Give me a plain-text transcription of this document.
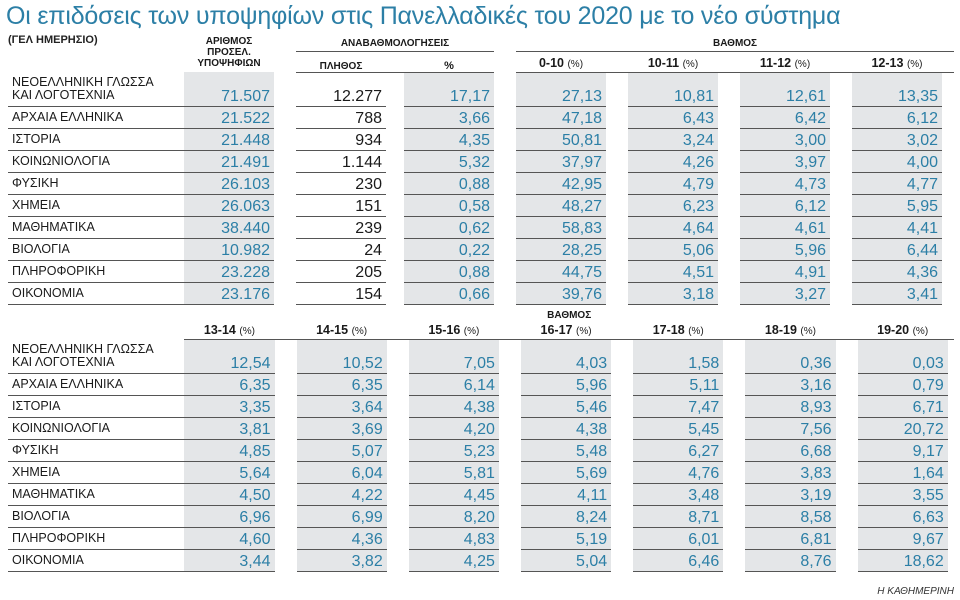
Οι επιδόσεις των υποψηφίων στις Πανελλαδικές του 2020 με το νέο σύστημα
(ΓΕΛ ΗΜΕΡΗΣΙΟ)
		ΑΡΙΘΜΟΣ ΠΡΟΣΕΛ. ΥΠΟΨΗΦΙΩΝ		ΑΝΑΒΑΘΜΟΛΟΓΗΣΕΙΣ				ΒΑΘΜΟΣ							
			ΠΛΗΘΟΣ		%		0-10 (%)		10-11 (%)		11-12 (%)		12-13 (%)	
ΝΕΟΕΛΛΗΝΙΚΗ ΓΛΩΣΣΑ ΚΑΙ ΛΟΓΟΤΕΧΝΙΑ	71.507		12.277		17,17		27,13		10,81		12,61		13,35	
ΑΡΧΑΙΑ ΕΛΛΗΝΙΚΑ	21.522		788		3,66		47,18		6,43		6,42		6,12	
ΙΣΤΟΡΙΑ	21.448		934		4,35		50,81		3,24		3,00		3,02	
ΚΟΙΝΩΝΙΟΛΟΓΙΑ	21.491		1.144		5,32		37,97		4,26		3,97		4,00	
ΦΥΣΙΚΗ	26.103		230		0,88		42,95		4,79		4,73		4,77	
ΧΗΜΕΙΑ	26.063		151		0,58		48,27		6,23		6,12		5,95	
ΜΑΘΗΜΑΤΙΚΑ	38.440		239		0,62		58,83		4,64		4,61		4,41	
ΒΙΟΛΟΓΙΑ	10.982		24		0,22		28,25		5,06		5,96		6,44	
ΠΛΗΡΟΦΟΡΙΚΗ	23.228		205		0,88		44,75		4,51		4,91		4,36	
ΟΙΚΟΝΟΜΙΑ	23.176		154		0,66		39,76		3,18		3,27		3,41	
	ΒΑΘΜΟΣ													
	13-14 (%)		14-15 (%)		15-16 (%)		16-17 (%)		17-18 (%)		18-19 (%)		19-20 (%)	
ΝΕΟΕΛΛΗΝΙΚΗ ΓΛΩΣΣΑ ΚΑΙ ΛΟΓΟΤΕΧΝΙΑ	12,54		10,52		7,05		4,03		1,58		0,36		0,03	
ΑΡΧΑΙΑ ΕΛΛΗΝΙΚΑ	6,35		6,35		6,14		5,96		5,11		3,16		0,79	
ΙΣΤΟΡΙΑ	3,35		3,64		4,38		5,46		7,47		8,93		6,71	
ΚΟΙΝΩΝΙΟΛΟΓΙΑ	3,81		3,69		4,20		4,38		5,45		7,56		20,72	
ΦΥΣΙΚΗ	4,85		5,07		5,23		5,48		6,27		6,68		9,17	
ΧΗΜΕΙΑ	5,64		6,04		5,81		5,69		4,76		3,83		1,64	
ΜΑΘΗΜΑΤΙΚΑ	4,50		4,22		4,45		4,11		3,48		3,19		3,55	
ΒΙΟΛΟΓΙΑ	6,96		6,99		8,20		8,24		8,71		8,58		6,63	
ΠΛΗΡΟΦΟΡΙΚΗ	4,60		4,36		4,83		5,19		6,01		6,81		9,67	
ΟΙΚΟΝΟΜΙΑ	3,44		3,82		4,25		5,04		6,46		8,76		18,62	
Η ΚΑΘΗΜΕΡΙΝΗ
